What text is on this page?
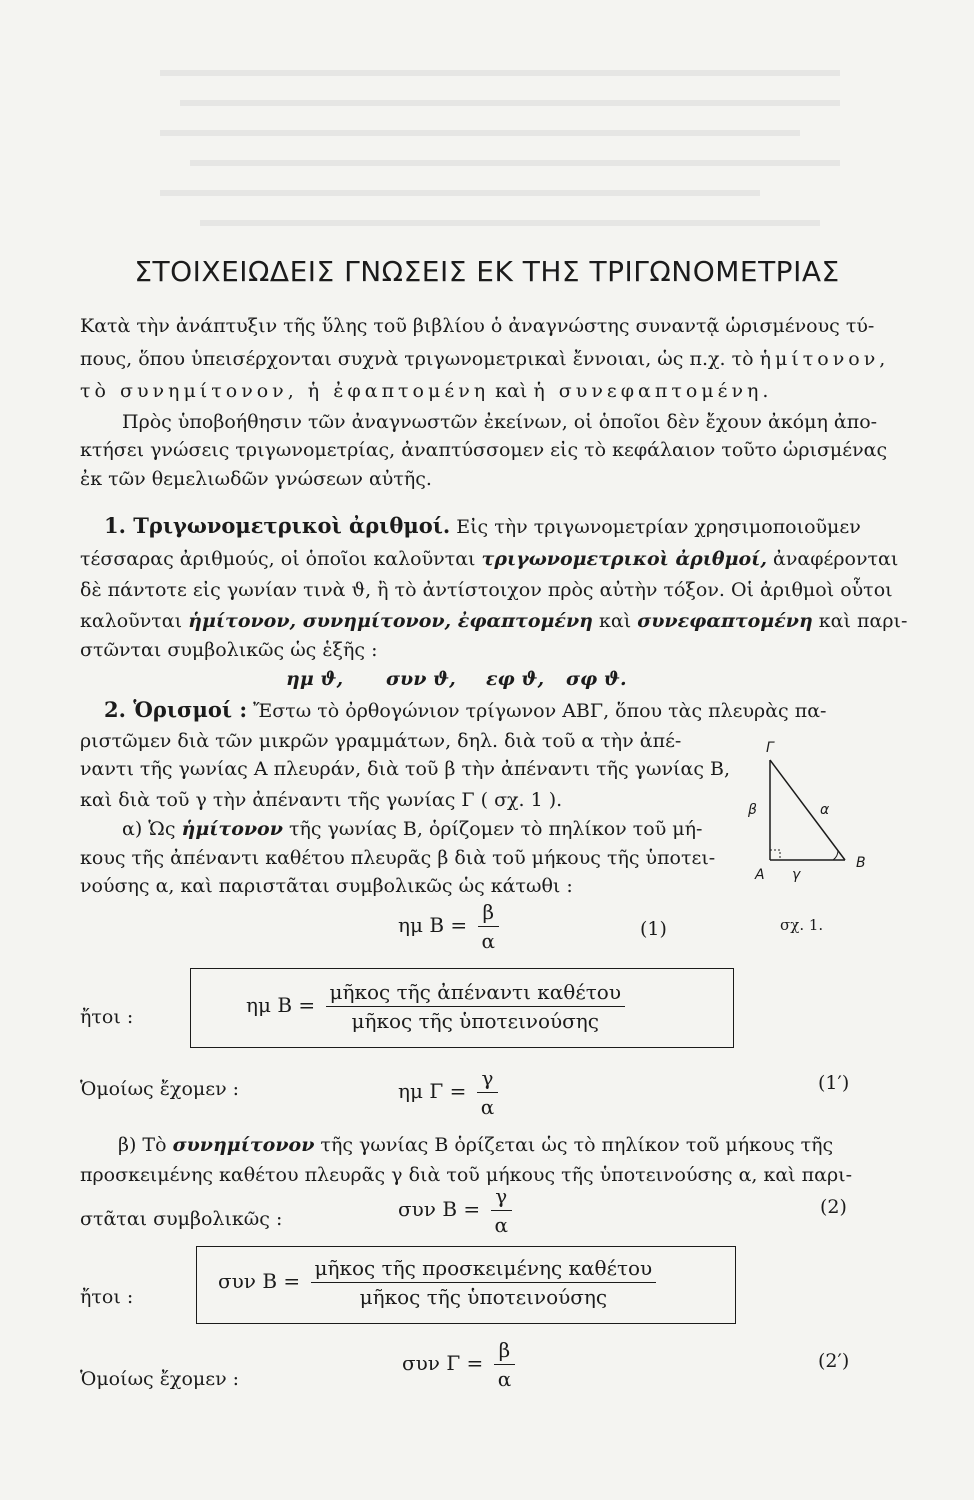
ΣΤΟΙΧΕΙΩΔΕΙΣ ΓΝΩΣΕΙΣ ΕΚ ΤΗΣ ΤΡΙΓΩΝΟΜΕΤΡΙΑΣ
Κατὰ τὴν ἀνάπτυξιν τῆς ὕλης τοῦ βιβλίου ὁ ἀναγνώστης συναντᾷ ὡρισμένους τύ-
πους, ὅπου ὑπεισέρχονται συχνὰ τριγωνομετρικαὶ ἔννοιαι, ὡς π.χ. τὸ ἡμίτονον,
τὸ συνημίτονον, ἡ ἐφαπτομένη καὶ ἡ συνεφαπτομένη.
Πρὸς ὑποβοήθησιν τῶν ἀναγνωστῶν ἐκείνων, οἱ ὁποῖοι δὲν ἔχουν ἀκόμη ἀπο-
κτήσει γνώσεις τριγωνομετρίας, ἀναπτύσσομεν εἰς τὸ κεφάλαιον τοῦτο ὡρισμένας
ἐκ τῶν θεμελιωδῶν γνώσεων αὐτῆς.
1. Τριγωνομετρικοὶ ἀριθμοί. Εἰς τὴν τριγωνομετρίαν χρησιμοποιοῦμεν
τέσσαρας ἀριθμούς, οἱ ὁποῖοι καλοῦνται τριγωνομετρικοὶ ἀριθμοί, ἀναφέρονται
δὲ πάντοτε εἰς γωνίαν τινὰ ϑ, ἢ τὸ ἀντίστοιχον πρὸς αὐτὴν τόξον. Οἱ ἀριθμοὶ οὗτοι
καλοῦνται ἡμίτονον, συνημίτονον, ἐφαπτομένη καὶ συνεφαπτομένη καὶ παρι-
στῶνται συμβολικῶς ὡς ἑξῆς :
ημ ϑ, συν ϑ, εφ ϑ, σφ ϑ.
2. Ὁρισμοί : Ἔστω τὸ ὀρθογώνιον τρίγωνον ΑΒΓ, ὅπου τὰς πλευρὰς πα-
ριστῶμεν διὰ τῶν μικρῶν γραμμάτων, δηλ. διὰ τοῦ α τὴν ἀπέ-
ναντι τῆς γωνίας Α πλευράν, διὰ τοῦ β τὴν ἀπέναντι τῆς γωνίας Β,
καὶ διὰ τοῦ γ τὴν ἀπέναντι τῆς γωνίας Γ ( σχ. 1 ).
α) Ὡς ἡμίτονον τῆς γωνίας Β, ὁρίζομεν τὸ πηλίκον τοῦ μή-
κους τῆς ἀπέναντι καθέτου πλευρᾶς β διὰ τοῦ μήκους τῆς ὑποτει-
νούσης α, καὶ παριστᾶται συμβολικῶς ὡς κάτωθι :
Γ
A
B
β	α
γ
σχ. 1.
ημ $B = \frac{\beta}{\alpha}$	(1)
ἤτοι :	ημ $B = \frac{\text{μῆκος τῆς ἀπέναντι καθέτου}}{\text{μῆκος τῆς ὑποτεινούσης}}$
Ὁμοίως ἔχομεν :	ημ $\Gamma = \frac{\gamma}{\alpha}$	(1′)
β) Τὸ συνημίτονον τῆς γωνίας Β ὁρίζεται ὡς τὸ πηλίκον τοῦ μήκους τῆς
προσκειμένης καθέτου πλευρᾶς γ διὰ τοῦ μήκους τῆς ὑποτεινούσης α, καὶ παρι-
στᾶται συμβολικῶς :	συν $B = \frac{\gamma}{\alpha}$	(2)
ἤτοι :
συν $B = \frac{\text{μῆκος τῆς προσκειμένης καθέτου}}{\text{μῆκος τῆς ὑποτεινούσης}}$
Ὁμοίως ἔχομεν :
συν $\Gamma = \frac{\beta}{\alpha}$	(2′)
